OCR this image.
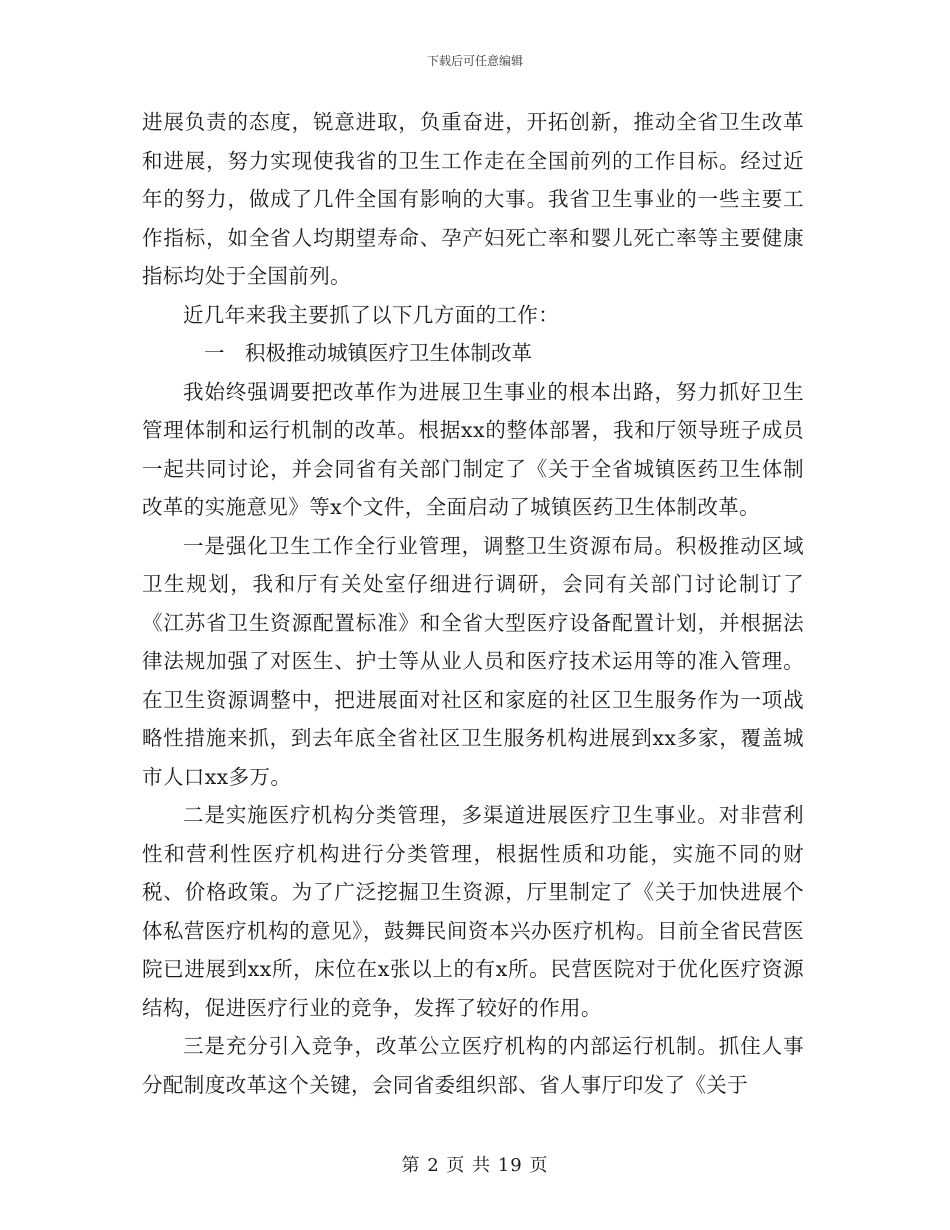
下载后可任意编辑

进展负责的态度，锐意进取，负重奋进，开拓创新，推动全省卫生改革和进展，努力实现使我省的卫生工作走在全国前列的工作目标。经过近年的努力，做成了几件全国有影响的大事。我省卫生事业的一些主要工作指标，如全省人均期望寿命、孕产妇死亡率和婴儿死亡率等主要健康指标均处于全国前列。

近几年来我主要抓了以下几方面的工作：

一　积极推动城镇医疗卫生体制改革

我始终强调要把改革作为进展卫生事业的根本出路，努力抓好卫生管理体制和运行机制的改革。根据xx的整体部署，我和厅领导班子成员一起共同讨论，并会同省有关部门制定了《关于全省城镇医药卫生体制改革的实施意见》等x个文件，全面启动了城镇医药卫生体制改革。

一是强化卫生工作全行业管理，调整卫生资源布局。积极推动区域卫生规划，我和厅有关处室仔细进行调研，会同有关部门讨论制订了《江苏省卫生资源配置标准》和全省大型医疗设备配置计划，并根据法律法规加强了对医生、护士等从业人员和医疗技术运用等的准入管理。在卫生资源调整中，把进展面对社区和家庭的社区卫生服务作为一项战略性措施来抓，到去年底全省社区卫生服务机构进展到xx多家，覆盖城市人口xx多万。

二是实施医疗机构分类管理，多渠道进展医疗卫生事业。对非营利性和营利性医疗机构进行分类管理，根据性质和功能，实施不同的财税、价格政策。为了广泛挖掘卫生资源，厅里制定了《关于加快进展个体私营医疗机构的意见》，鼓舞民间资本兴办医疗机构。目前全省民营医院已进展到xx所，床位在x张以上的有x所。民营医院对于优化医疗资源结构，促进医疗行业的竞争，发挥了较好的作用。

三是充分引入竞争，改革公立医疗机构的内部运行机制。抓住人事分配制度改革这个关键，会同省委组织部、省人事厅印发了《关于

第 2 页 共 19 页
